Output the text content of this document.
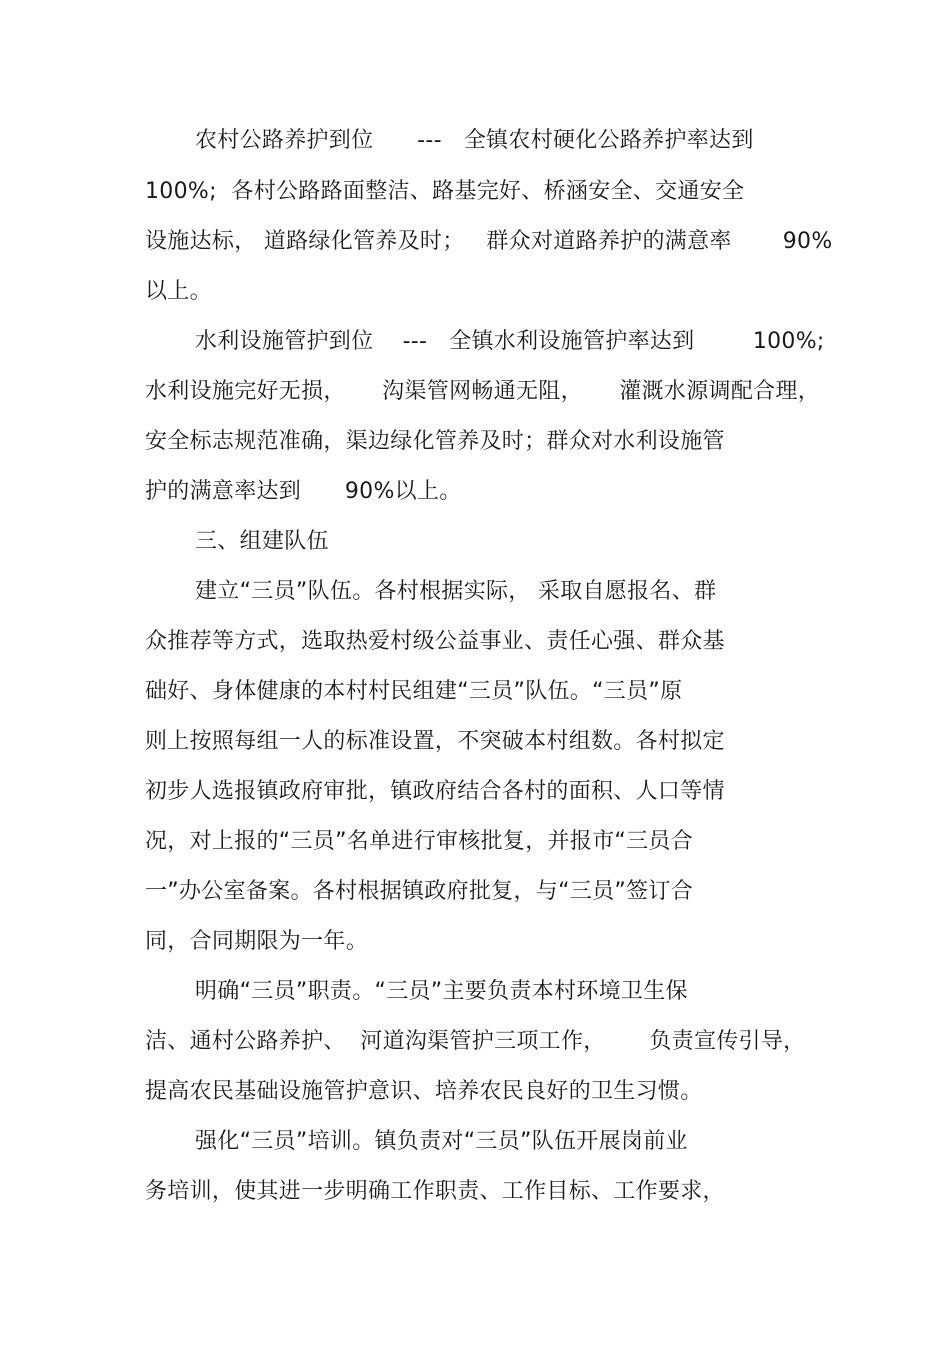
农村公路养护到位      ---   全镇农村硬化公路养护率达到
100%;  各村公路路面整洁、路基完好、桥涵安全、交通安全
设施达标， 道路绿化管养及时；   群众对道路养护的满意率       90%
以上。
水利设施管护到位    ---   全镇水利设施管护率达到        100%;
水利设施完好无损，     沟渠管网畅通无阻，     灌溉水源调配合理，
安全标志规范准确，渠边绿化管养及时；群众对水利设施管
护的满意率达到      90%以上。
三、组建队伍
建立“三员”队伍。各村根据实际， 采取自愿报名、群
众推荐等方式，选取热爱村级公益事业、责任心强、群众基
础好、身体健康的本村村民组建“三员”队伍。“三员”原
则上按照每组一人的标准设置，不突破本村组数。各村拟定
初步人选报镇政府审批，镇政府结合各村的面积、人口等情
况，对上报的“三员”名单进行审核批复，并报市“三员合
一”办公室备案。各村根据镇政府批复，与“三员”签订合
同，合同期限为一年。
明确“三员”职责。“三员”主要负责本村环境卫生保
洁、通村公路养护、  河道沟渠管护三项工作，      负责宣传引导，
提高农民基础设施管护意识、培养农民良好的卫生习惯。
强化“三员”培训。镇负责对“三员”队伍开展岗前业
务培训，使其进一步明确工作职责、工作目标、工作要求，
